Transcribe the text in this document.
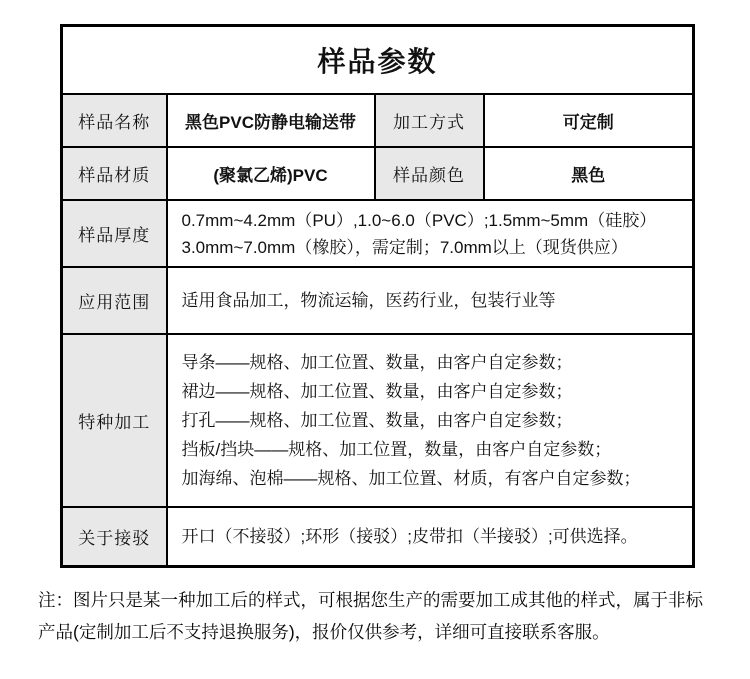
样品参数			
样品名称	黑色PVC防静电输送带	加工方式	可定制
样品材质	(聚氯乙烯)PVC	样品颜色	黑色
样品厚度	0.7mm~4.2mm（PU）,1.0~6.0（PVC）;1.5mm~5mm（硅胶）
3.0mm~7.0mm（橡胶），需定制；7.0mm以上（现货供应）		

应用范围	适用食品加工，物流运输，医药行业，包装行业等		
特种加工	导条——规格、加工位置、数量，由客户自定参数；
裙边——规格、加工位置、数量，由客户自定参数；
打孔——规格、加工位置、数量，由客户自定参数；
挡板/挡块——规格、加工位置，数量，由客户自定参数；
加海绵、泡棉——规格、加工位置、材质，有客户自定参数；		

关于接驳	开口（不接驳）;环形（接驳）;皮带扣（半接驳）;可供选择。		
注：图片只是某一种加工后的样式，可根据您生产的需要加工成其他的样式，属于非标
产品(定制加工后不支持退换服务)，报价仅供参考，详细可直接联系客服。
